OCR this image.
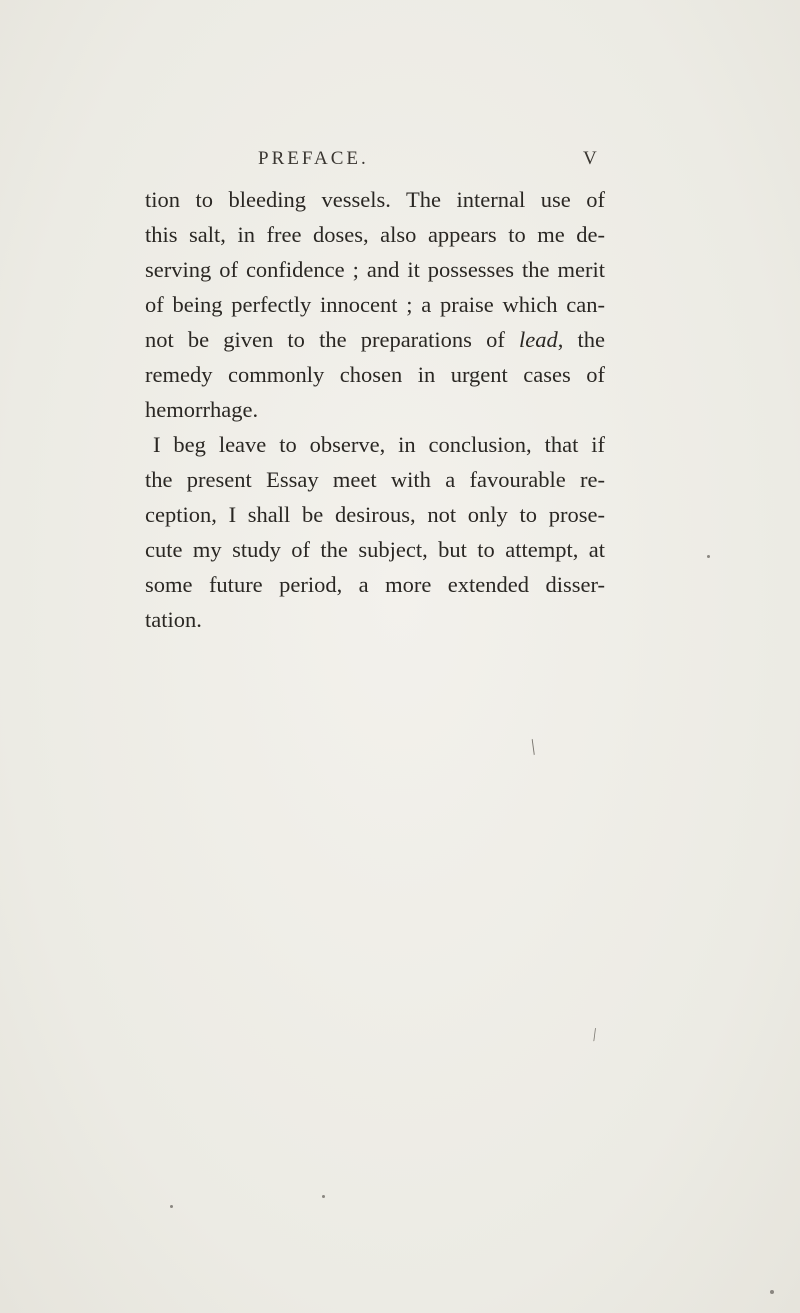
PREFACE.	V
tion to bleeding vessels. The internal use of
this salt, in free doses, also appears to me de-
serving of confidence ; and it possesses the merit
of being perfectly innocent ; a praise which can-
not be given to the preparations of lead, the
remedy commonly chosen in urgent cases of
hemorrhage.
I beg leave to observe, in conclusion, that if
the present Essay meet with a favourable re-
ception, I shall be desirous, not only to prose-
cute my study of the subject, but to attempt, at
some future period, a more extended disser-
tation.
╱
╱
